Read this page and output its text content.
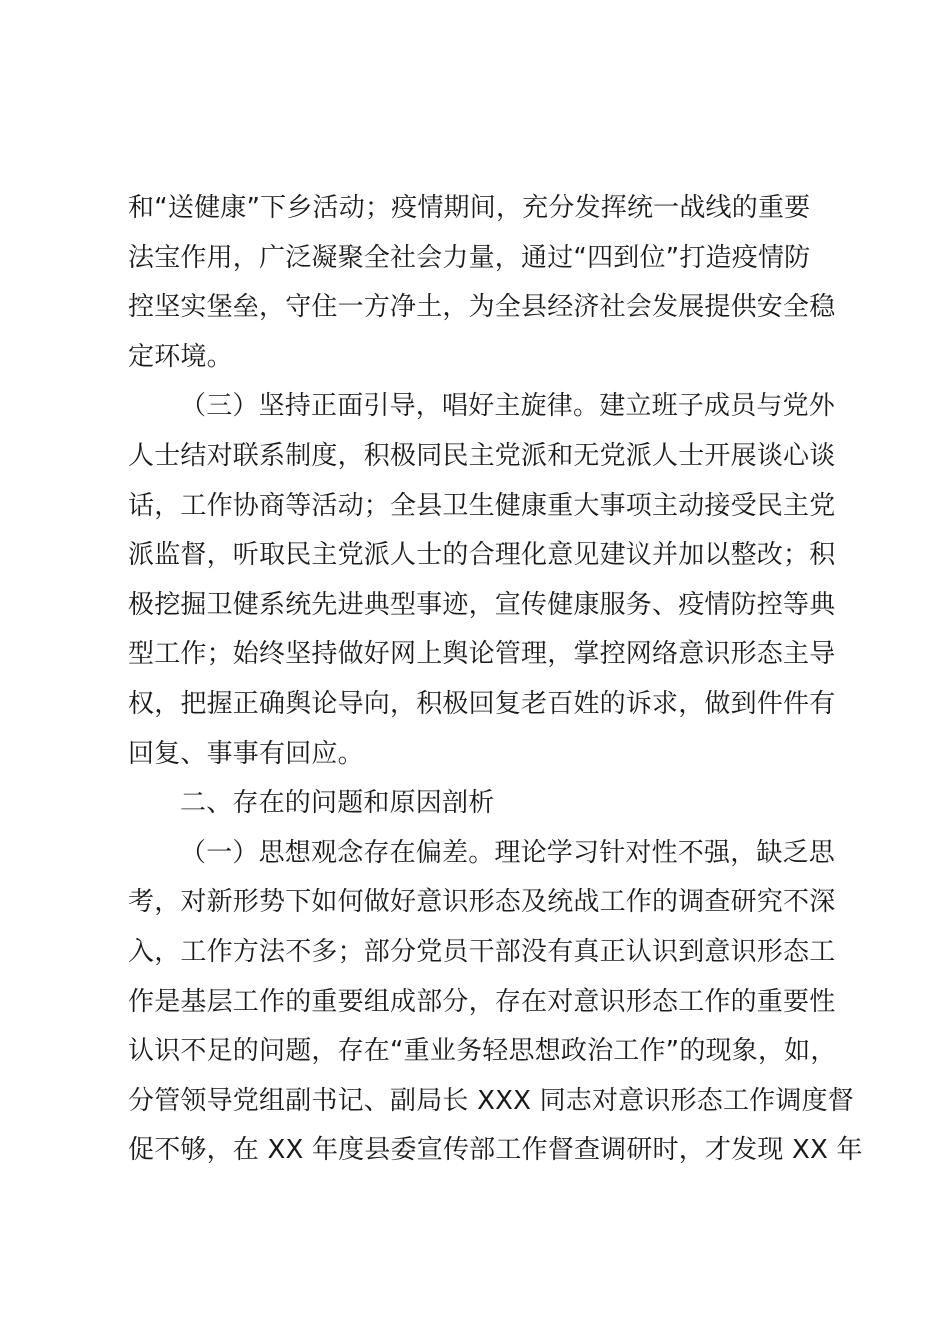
和“送健康”下乡活动；疫情期间，充分发挥统一战线的重要
法宝作用，广泛凝聚全社会力量，通过“四到位”打造疫情防
控坚实堡垒，守住一方净土，为全县经济社会发展提供安全稳
定环境。
（三）坚持正面引导，唱好主旋律。建立班子成员与党外
人士结对联系制度，积极同民主党派和无党派人士开展谈心谈
话，工作协商等活动；全县卫生健康重大事项主动接受民主党
派监督，听取民主党派人士的合理化意见建议并加以整改；积
极挖掘卫健系统先进典型事迹，宣传健康服务、疫情防控等典
型工作；始终坚持做好网上舆论管理，掌控网络意识形态主导
权，把握正确舆论导向，积极回复老百姓的诉求，做到件件有
回复、事事有回应。
二、存在的问题和原因剖析
（一）思想观念存在偏差。理论学习针对性不强，缺乏思
考，对新形势下如何做好意识形态及统战工作的调查研究不深
入，工作方法不多；部分党员干部没有真正认识到意识形态工
作是基层工作的重要组成部分，存在对意识形态工作的重要性
认识不足的问题，存在“重业务轻思想政治工作”的现象，如，
分管领导党组副书记、副局长 XXX 同志对意识形态工作调度督
促不够，在 XX 年度县委宣传部工作督查调研时，才发现 XX 年
